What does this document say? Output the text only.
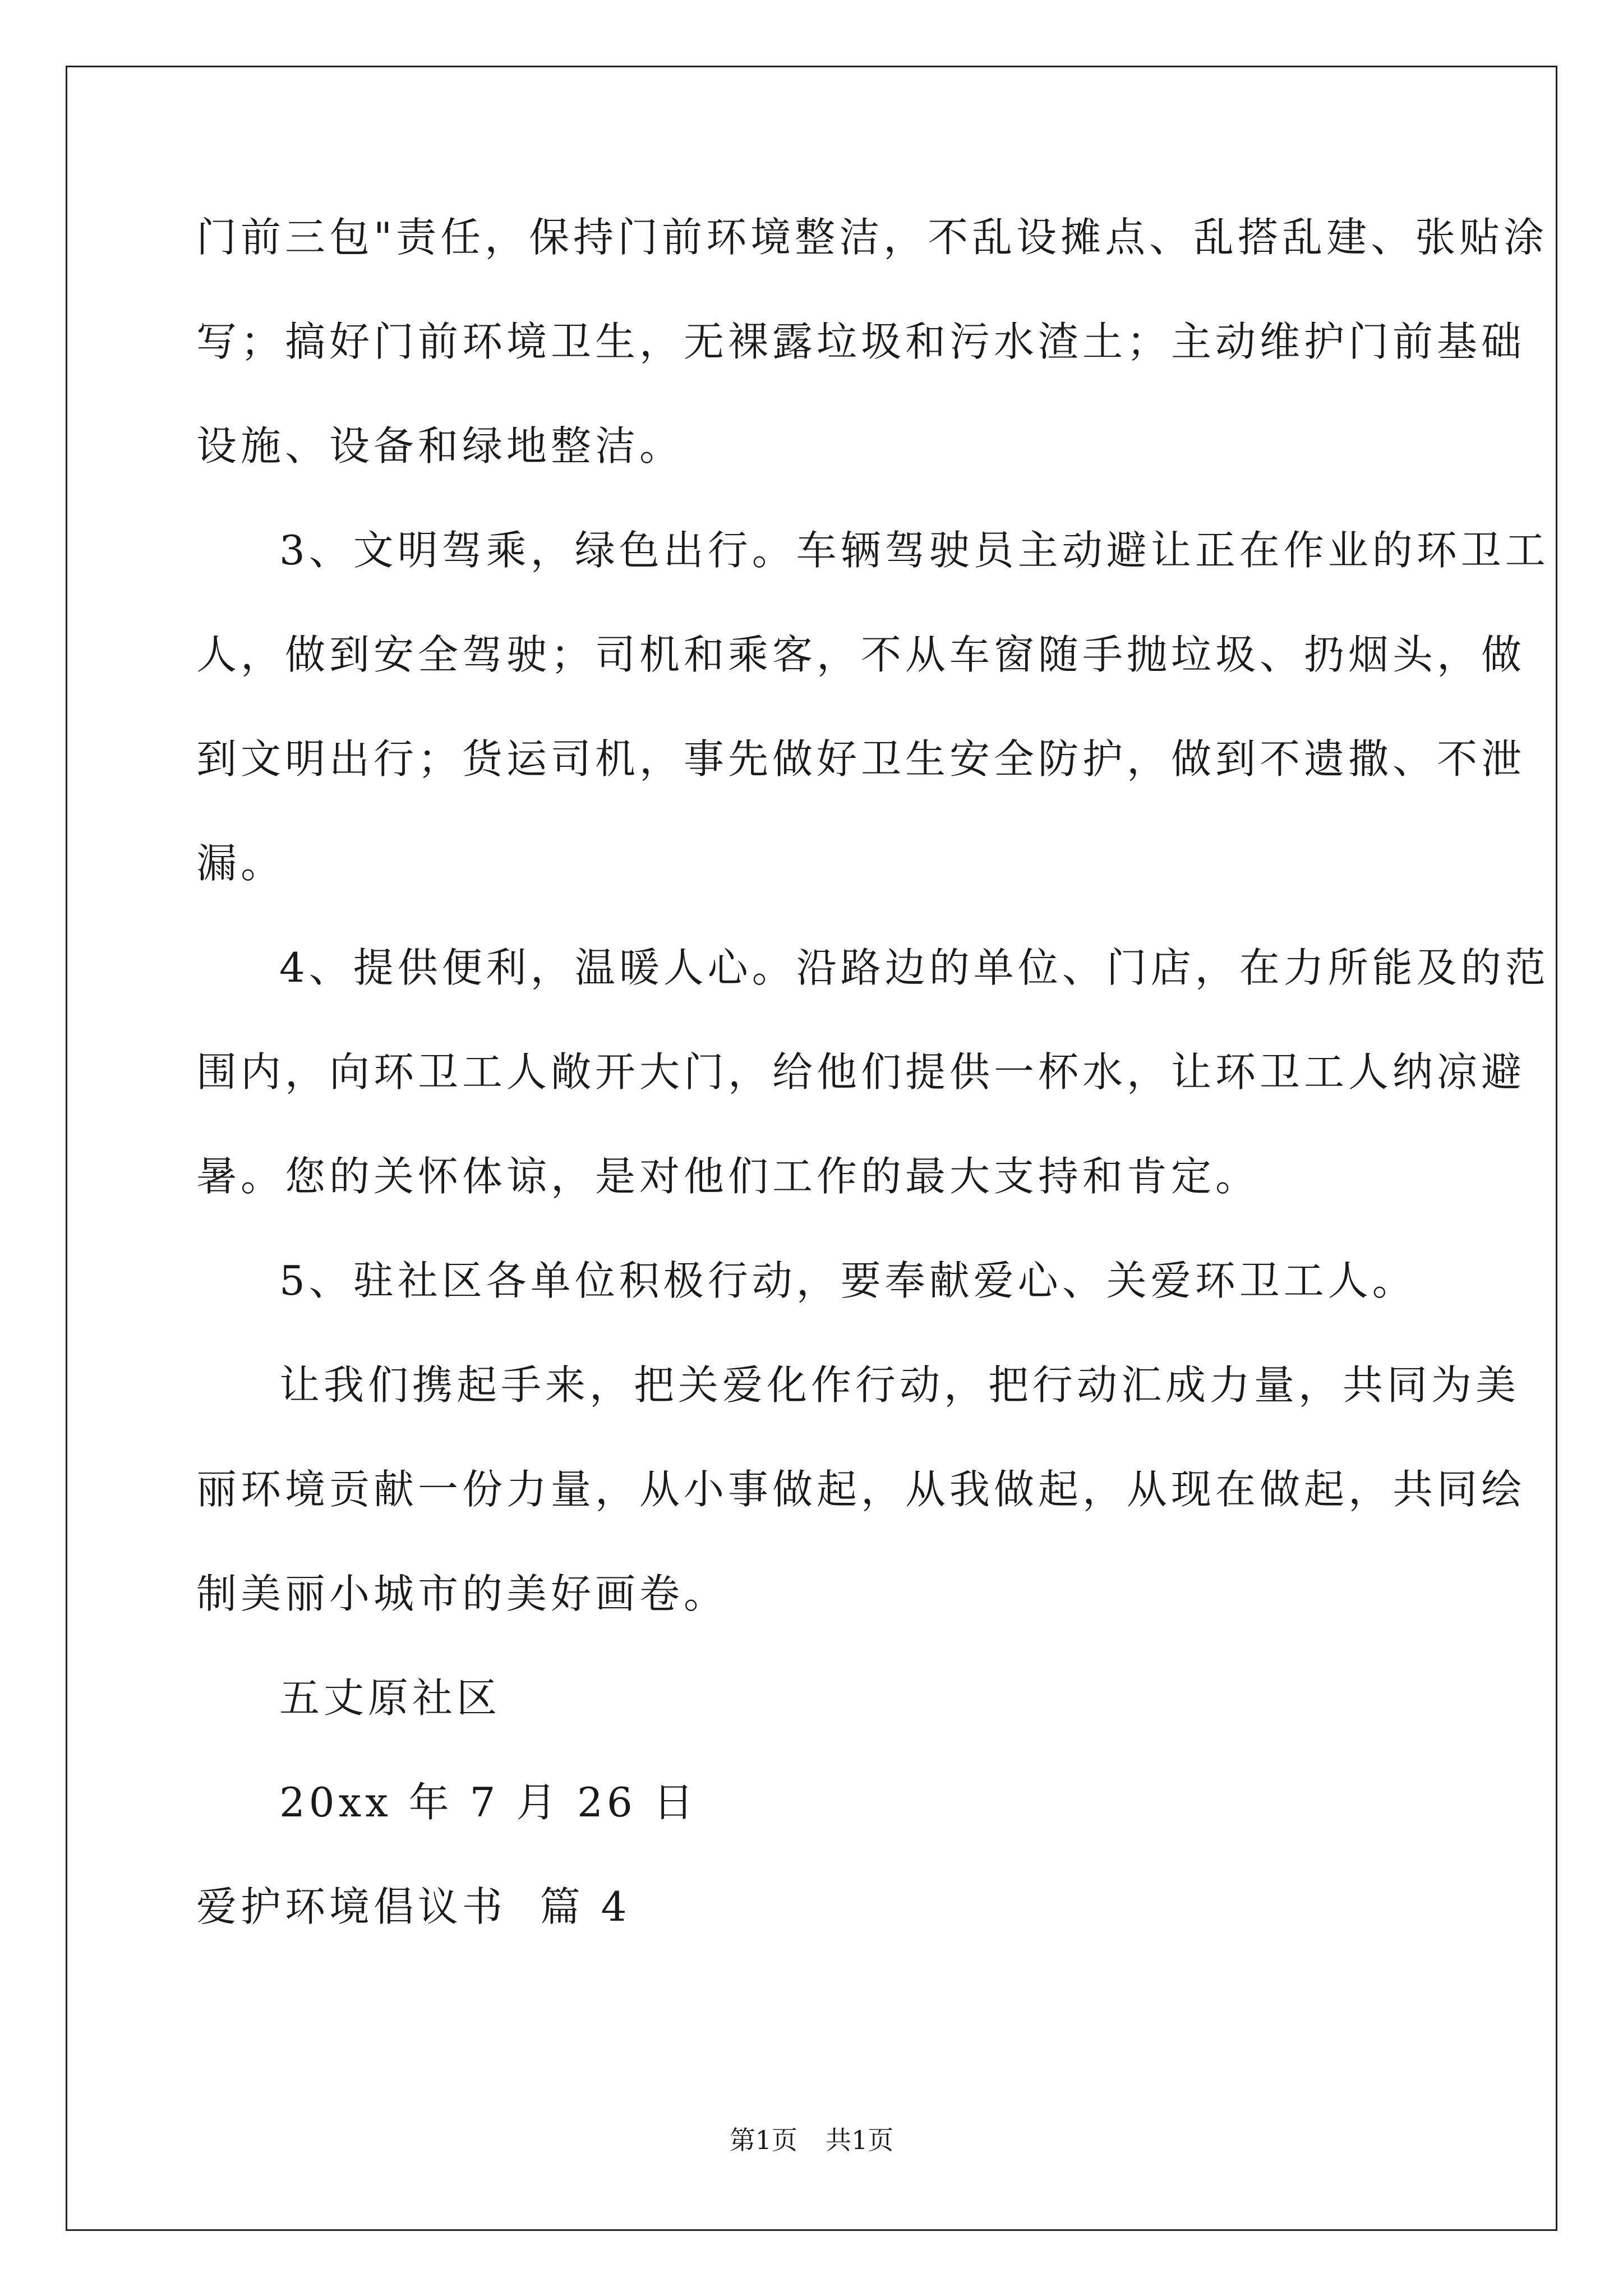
门前三包"责任，保持门前环境整洁，不乱设摊点、乱搭乱建、张贴涂
写；搞好门前环境卫生，无裸露垃圾和污水渣土；主动维护门前基础
设施、设备和绿地整洁。
3、文明驾乘，绿色出行。车辆驾驶员主动避让正在作业的环卫工
人，做到安全驾驶；司机和乘客，不从车窗随手抛垃圾、扔烟头，做
到文明出行；货运司机，事先做好卫生安全防护，做到不遗撒、不泄
漏。
4、提供便利，温暖人心。沿路边的单位、门店，在力所能及的范
围内，向环卫工人敞开大门，给他们提供一杯水，让环卫工人纳凉避
暑。您的关怀体谅，是对他们工作的最大支持和肯定。
5、驻社区各单位积极行动，要奉献爱心、关爱环卫工人。
让我们携起手来，把关爱化作行动，把行动汇成力量，共同为美
丽环境贡献一份力量，从小事做起，从我做起，从现在做起，共同绘
制美丽小城市的美好画卷。
五丈原社区
20xx 年 7 月 26 日
爱护环境倡议书  篇 4
第1页 共1页
